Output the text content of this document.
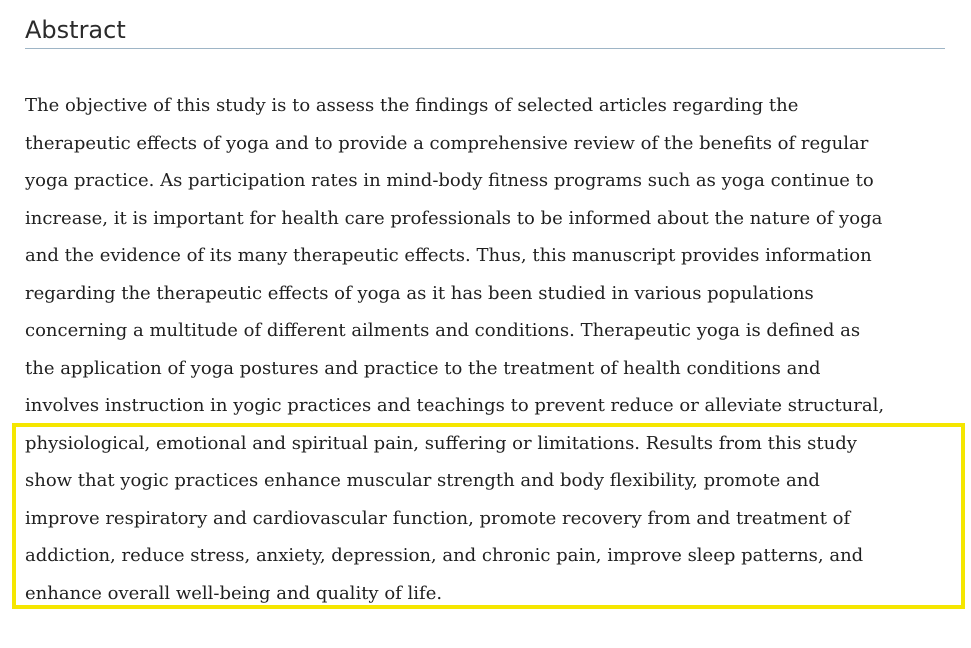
Abstract

The objective of this study is to assess the findings of selected articles regarding the
therapeutic effects of yoga and to provide a comprehensive review of the benefits of regular
yoga practice. As participation rates in mind-body fitness programs such as yoga continue to
increase, it is important for health care professionals to be informed about the nature of yoga
and the evidence of its many therapeutic effects. Thus, this manuscript provides information
regarding the therapeutic effects of yoga as it has been studied in various populations
concerning a multitude of different ailments and conditions. Therapeutic yoga is defined as
the application of yoga postures and practice to the treatment of health conditions and
involves instruction in yogic practices and teachings to prevent reduce or alleviate structural,
physiological, emotional and spiritual pain, suffering or limitations. Results from this study
show that yogic practices enhance muscular strength and body flexibility, promote and
improve respiratory and cardiovascular function, promote recovery from and treatment of
addiction, reduce stress, anxiety, depression, and chronic pain, improve sleep patterns, and
enhance overall well-being and quality of life.
